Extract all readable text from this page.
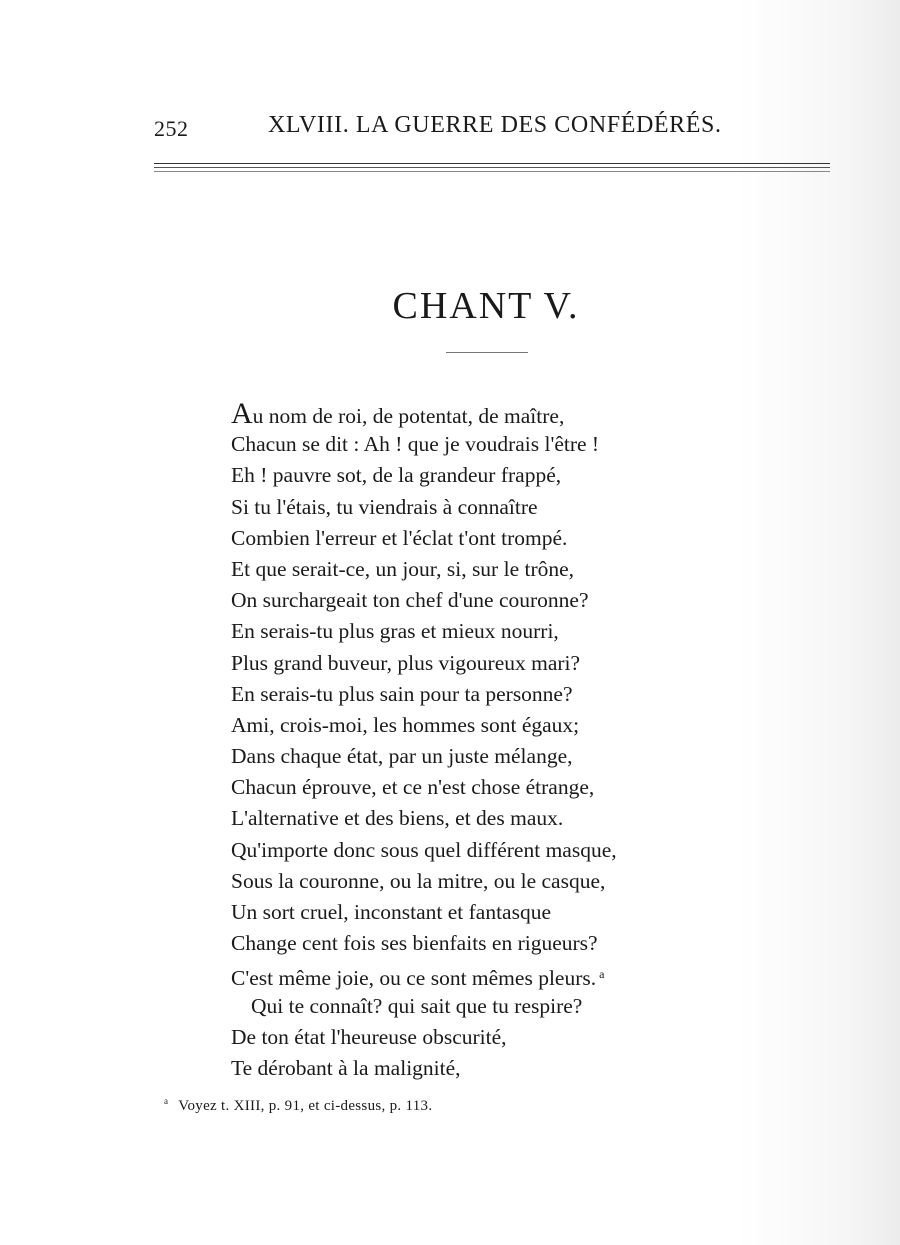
252	XLVIII. LA GUERRE DES CONFÉDÉRÉS.
CHANT V.
Au nom de roi, de potentat, de maître,
Chacun se dit : Ah ! que je voudrais l'être !
Eh ! pauvre sot, de la grandeur frappé,
Si tu l'étais, tu viendrais à connaître
Combien l'erreur et l'éclat t'ont trompé.
Et que serait-ce, un jour, si, sur le trône,
On surchargeait ton chef d'une couronne?
En serais-tu plus gras et mieux nourri,
Plus grand buveur, plus vigoureux mari?
En serais-tu plus sain pour ta personne?
Ami, crois-moi, les hommes sont égaux;
Dans chaque état, par un juste mélange,
Chacun éprouve, et ce n'est chose étrange,
L'alternative et des biens, et des maux.
Qu'importe donc sous quel différent masque,
Sous la couronne, ou la mitre, ou le casque,
Un sort cruel, inconstant et fantasque
Change cent fois ses bienfaits en rigueurs?
C'est même joie, ou ce sont mêmes pleurs. $^a$
Qui te connaît? qui sait que tu respire?
De ton état l'heureuse obscurité,
Te dérobant à la malignité,
$^a$ Voyez t. XIII, p. 91, et ci-dessus, p. 113.
